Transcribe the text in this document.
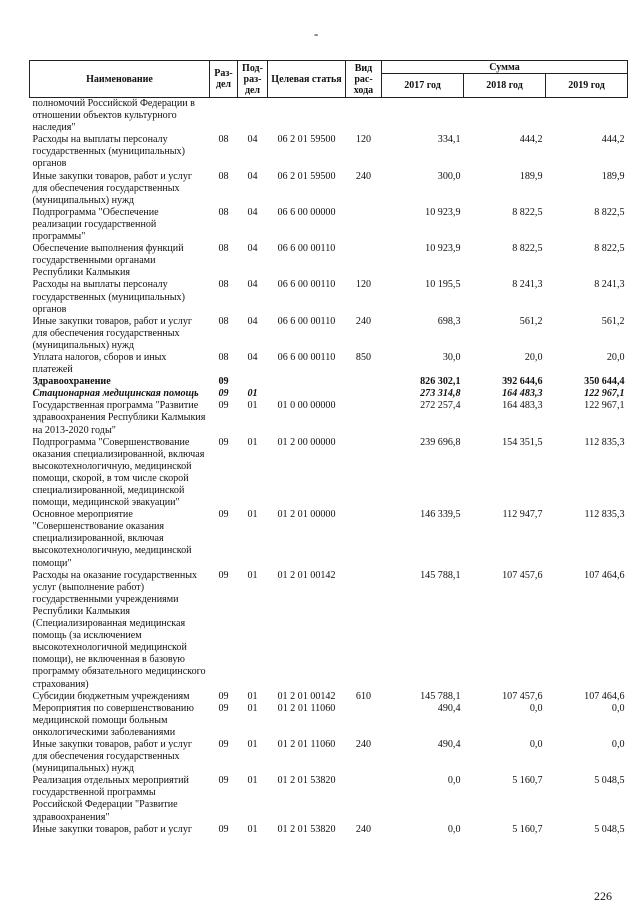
-
Наименование	Раз-дел	Под-раз-дел	Целевая статья	Вид рас-хода	Сумма		
					2017 год	2018 год	2019 год
полномочий Российской Федерации в отношении объектов культурного наследия"							
Расходы на выплаты персоналу государственных (муниципальных) органов	08	04	06 2 01 59500	120	334,1	444,2	444,2
Иные закупки товаров, работ и услуг для обеспечения государственных (муниципальных) нужд	08	04	06 2 01 59500	240	300,0	189,9	189,9
Подпрограмма "Обеспечение реализации государственной программы"	08	04	06 6 00 00000		10 923,9	8 822,5	8 822,5
Обеспечение выполнения функций государственными органами Республики Калмыкия	08	04	06 6 00 00110		10 923,9	8 822,5	8 822,5
Расходы на выплаты персоналу государственных (муниципальных) органов	08	04	06 6 00 00110	120	10 195,5	8 241,3	8 241,3
Иные закупки товаров, работ и услуг для обеспечения государственных (муниципальных) нужд	08	04	06 6 00 00110	240	698,3	561,2	561,2
Уплата налогов, сборов и иных платежей	08	04	06 6 00 00110	850	30,0	20,0	20,0
Здравоохранение	09				826 302,1	392 644,6	350 644,4
Стационарная медицинская помощь	09	01			273 314,8	164 483,3	122 967,1
Государственная программа "Развитие здравоохранения Республики Калмыкия на 2013-2020 годы"	09	01	01 0 00 00000		272 257,4	164 483,3	122 967,1
Подпрограмма "Совершенствование оказания специализированной, включая высокотехнологичную, медицинской помощи, скорой, в том числе скорой специализированной, медицинской помощи, медицинской эвакуации"	09	01	01 2 00 00000		239 696,8	154 351,5	112 835,3
Основное мероприятие "Совершенствование оказания специализированной, включая высокотехнологичную, медицинской помощи"	09	01	01 2 01 00000		146 339,5	112 947,7	112 835,3
Расходы на оказание государственных услуг (выполнение работ) государственными учреждениями Республики Калмыкия (Специализированная медицинская помощь (за исключением высокотехнологичной медицинской помощи), не включенная в базовую программу обязательного медицинского страхования)	09	01	01 2 01 00142		145 788,1	107 457,6	107 464,6
Субсидии бюджетным учреждениям	09	01	01 2 01 00142	610	145 788,1	107 457,6	107 464,6
Мероприятия по совершенствованию медицинской помощи больным онкологическими заболеваниями	09	01	01 2 01 11060		490,4	0,0	0,0
Иные закупки товаров, работ и услуг для обеспечения государственных (муниципальных) нужд	09	01	01 2 01 11060	240	490,4	0,0	0,0
Реализация отдельных мероприятий государственной программы Российской Федерации "Развитие здравоохранения"	09	01	01 2 01 53820		0,0	5 160,7	5 048,5
Иные закупки товаров, работ и услуг	09	01	01 2 01 53820	240	0,0	5 160,7	5 048,5
226
